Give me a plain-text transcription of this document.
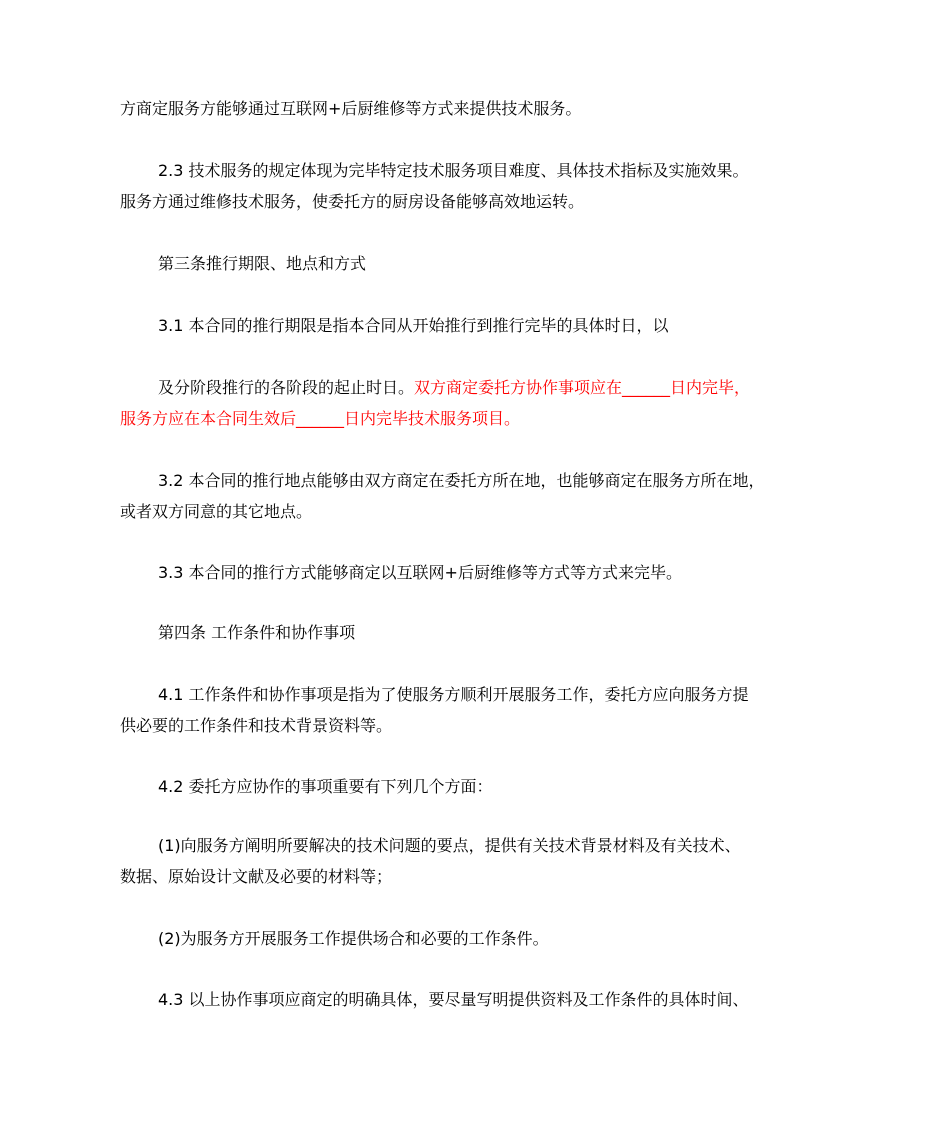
方商定服务方能够通过互联网+后厨维修等方式来提供技术服务。
2.3 技术服务的规定体现为完毕特定技术服务项目难度、具体技术指标及实施效果。
服务方通过维修技术服务，使委托方的厨房设备能够高效地运转。
第三条推行期限、地点和方式
3.1 本合同的推行期限是指本合同从开始推行到推行完毕的具体时日，以
及分阶段推行的各阶段的起止时日。双方商定委托方协作事项应在______日内完毕，
服务方应在本合同生效后______日内完毕技术服务项目。
3.2 本合同的推行地点能够由双方商定在委托方所在地，也能够商定在服务方所在地，
或者双方同意的其它地点。
3.3 本合同的推行方式能够商定以互联网+后厨维修等方式等方式来完毕。
第四条 工作条件和协作事项
4.1 工作条件和协作事项是指为了使服务方顺利开展服务工作，委托方应向服务方提
供必要的工作条件和技术背景资料等。
4.2 委托方应协作的事项重要有下列几个方面：
(1)向服务方阐明所要解决的技术问题的要点，提供有关技术背景材料及有关技术、
数据、原始设计文献及必要的材料等；
(2)为服务方开展服务工作提供场合和必要的工作条件。
4.3 以上协作事项应商定的明确具体，要尽量写明提供资料及工作条件的具体时间、
